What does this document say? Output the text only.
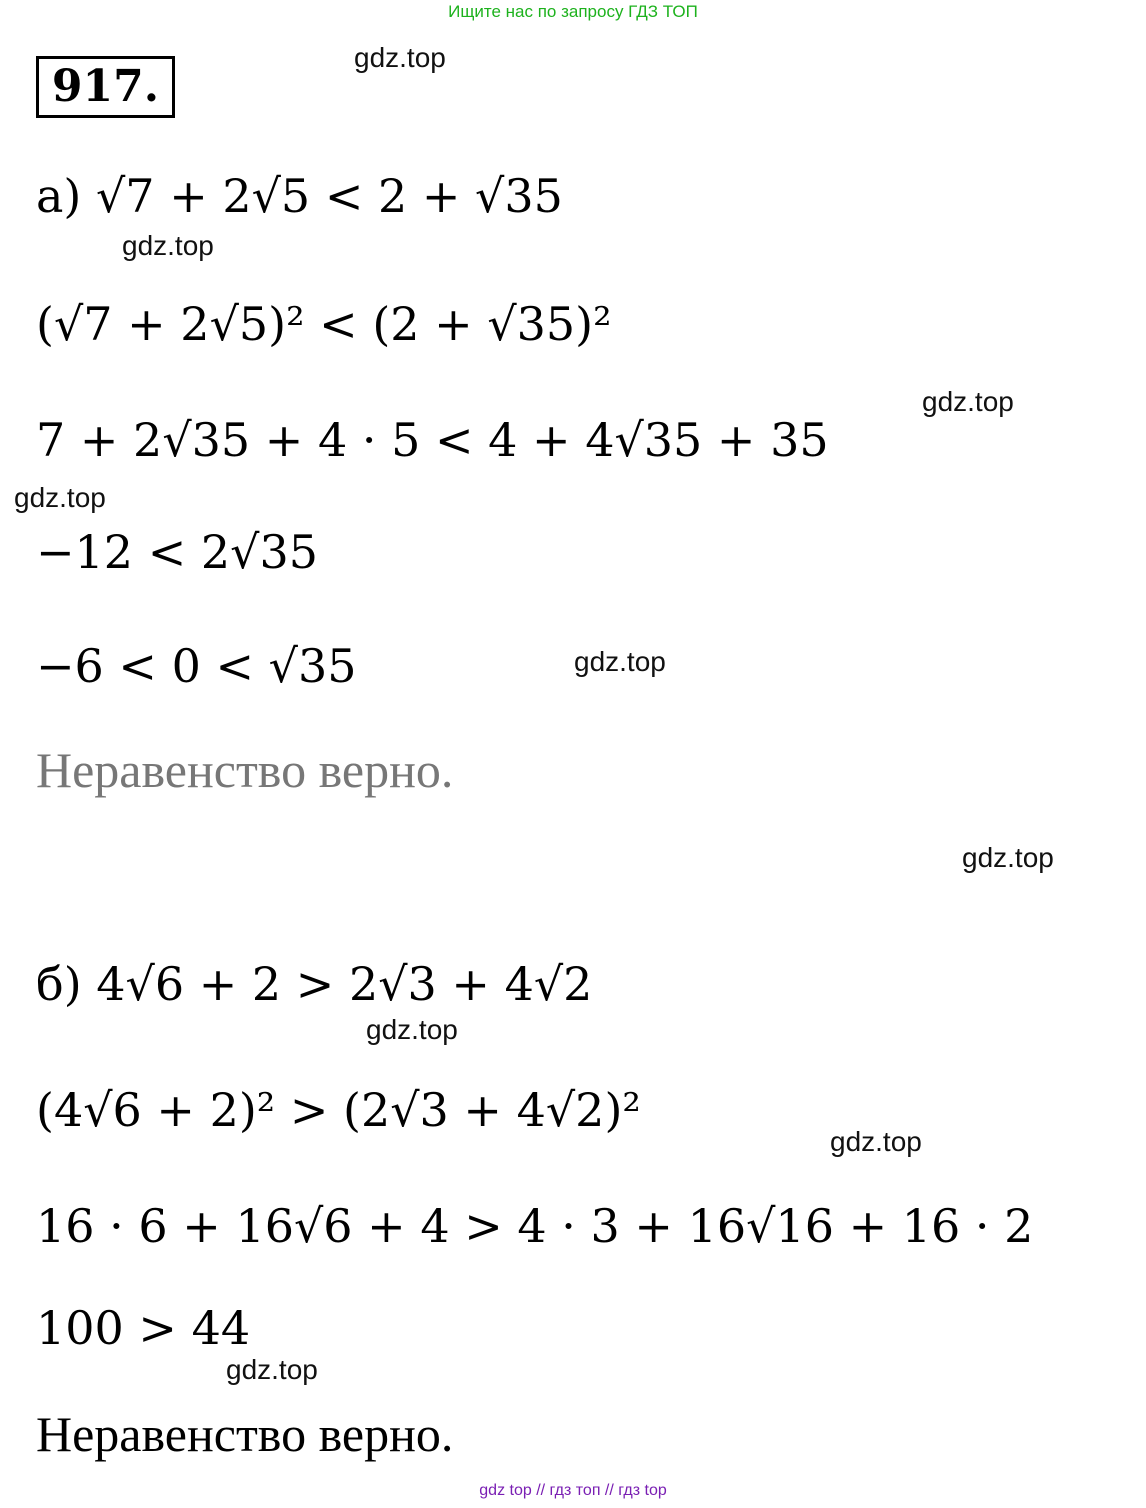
Ищите нас по запросу ГДЗ ТОП
917.
gdz.top
gdz.top
gdz.top
gdz.top
gdz.top
gdz.top
gdz.top
gdz.top
gdz.top
а) √7 + 2√5 < 2 + √35
(√7 + 2√5)² < (2 + √35)²
7 + 2√35 + 4 · 5 < 4 + 4√35 + 35
−12 < 2√35
−6 < 0 < √35
Неравенство верно.
б) 4√6 + 2 > 2√3 + 4√2
(4√6 + 2)² > (2√3 + 4√2)²
16 · 6 + 16√6 + 4 > 4 · 3 + 16√16 + 16 · 2
100 > 44
Неравенство верно.
gdz top // гдз топ // гдз top
